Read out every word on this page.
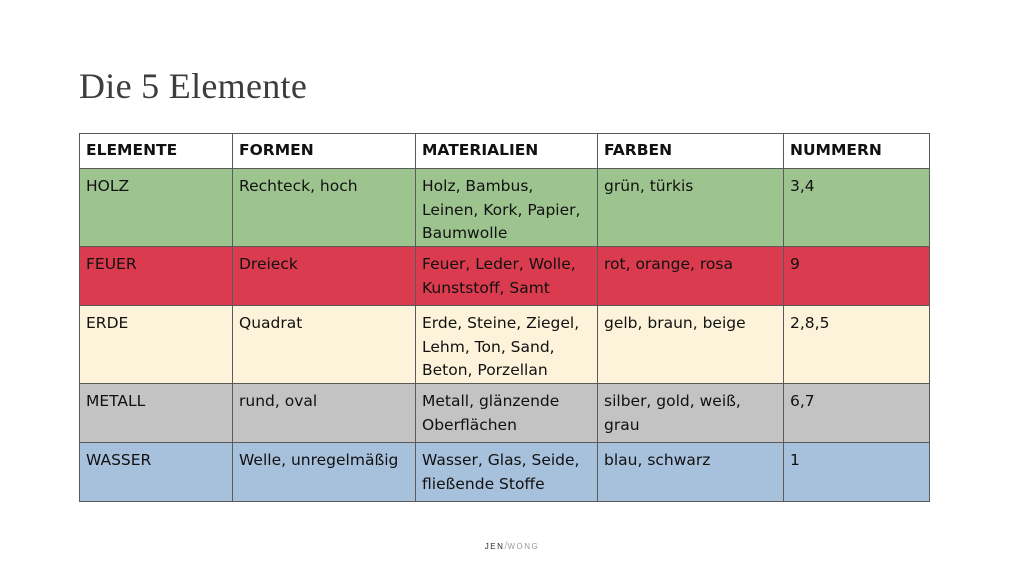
Die 5 Elemente
ELEMENTE	FORMEN	MATERIALIEN	FARBEN	NUMMERN
HOLZ	Rechteck, hoch	Holz, Bambus, Leinen, Kork, Papier, Baumwolle	grün, türkis	3,4
FEUER	Dreieck	Feuer, Leder, Wolle, Kunststoff, Samt	rot, orange, rosa	9
ERDE	Quadrat	Erde, Steine, Ziegel, Lehm, Ton, Sand, Beton, Porzellan	gelb, braun, beige	2,8,5
METALL	rund, oval	Metall, glänzende Oberflächen	silber, gold, weiß, grau	6,7
WASSER	Welle, unregelmäßig	Wasser, Glas, Seide, fließende Stoffe	blau, schwarz	1
JEN/WONG
